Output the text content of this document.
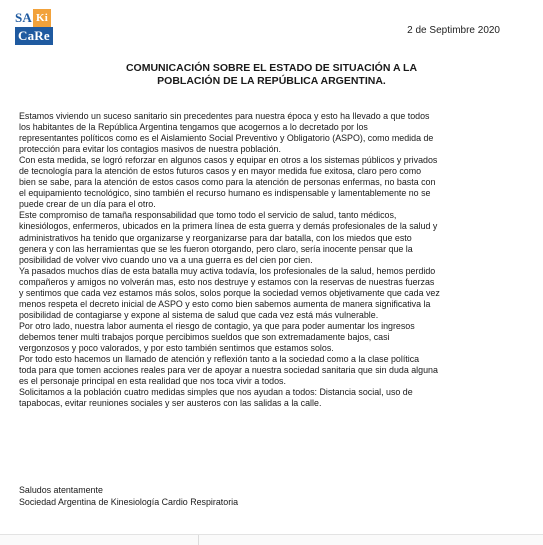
SA Ki
CaRe	2 de Septimbre 2020
COMUNICACIÓN SOBRE EL ESTADO DE SITUACIÓN A LA
POBLACIÓN DE LA REPÚBLICA ARGENTINA.
Estamos viviendo un suceso sanitario sin precedentes para nuestra época y esto ha llevado a que todos
los habitantes de la República Argentina tengamos que acogernos a lo decretado por los
representantes políticos como es el Aislamiento Social Preventivo y Obligatorio (ASPO), como medida de
protección para evitar los contagios masivos de nuestra población.
Con esta medida, se logró reforzar en algunos casos y equipar en otros a los sistemas públicos y privados
de tecnología para la atención de estos futuros casos y en mayor medida fue exitosa, claro pero como
bien se sabe, para la atención de estos casos como para la atención de personas enfermas, no basta con
el equipamiento tecnológico, sino también el recurso humano es indispensable y lamentablemente no se
puede crear de un día para el otro.
Este compromiso de tamaña responsabilidad que tomo todo el servicio de salud, tanto médicos,
kinesiólogos, enfermeros, ubicados en la primera línea de esta guerra y demás profesionales de la salud y
administrativos ha tenido que organizarse y reorganizarse para dar batalla, con los miedos que esto
genera y con las herramientas que se les fueron otorgando, pero claro, sería inocente pensar que la
posibilidad de volver vivo cuando uno va a una guerra es del cien por cien.
Ya pasados muchos días de esta batalla muy activa todavía, los profesionales de la salud, hemos perdido
compañeros y amigos no volverán mas, esto nos destruye y estamos con la reservas de nuestras fuerzas
y sentimos que cada vez estamos más solos, solos porque la sociedad vemos objetivamente que cada vez
menos respeta el decreto inicial de ASPO y esto como bien sabemos aumenta de manera significativa la
posibilidad de contagiarse y expone al sistema de salud que cada vez está más vulnerable.
Por otro lado, nuestra labor aumenta el riesgo de contagio, ya que para poder aumentar los ingresos
debemos tener multi trabajos porque percibimos sueldos que son extremadamente bajos, casi
vergonzosos y poco valorados, y por esto también sentimos que estamos solos.
Por todo esto hacemos un llamado de atención y reflexión tanto a la sociedad como a la clase política
toda para que tomen acciones reales para ver de apoyar a nuestra sociedad sanitaria que sin duda alguna
es el personaje principal en esta realidad que nos toca vivir a todos.
Solicitamos a la población cuatro medidas simples que nos ayudan a todos: Distancia social, uso de
tapabocas, evitar reuniones sociales y ser austeros con las salidas a la calle.
Saludos atentamente
Sociedad Argentina de Kinesiología Cardio Respiratoria
